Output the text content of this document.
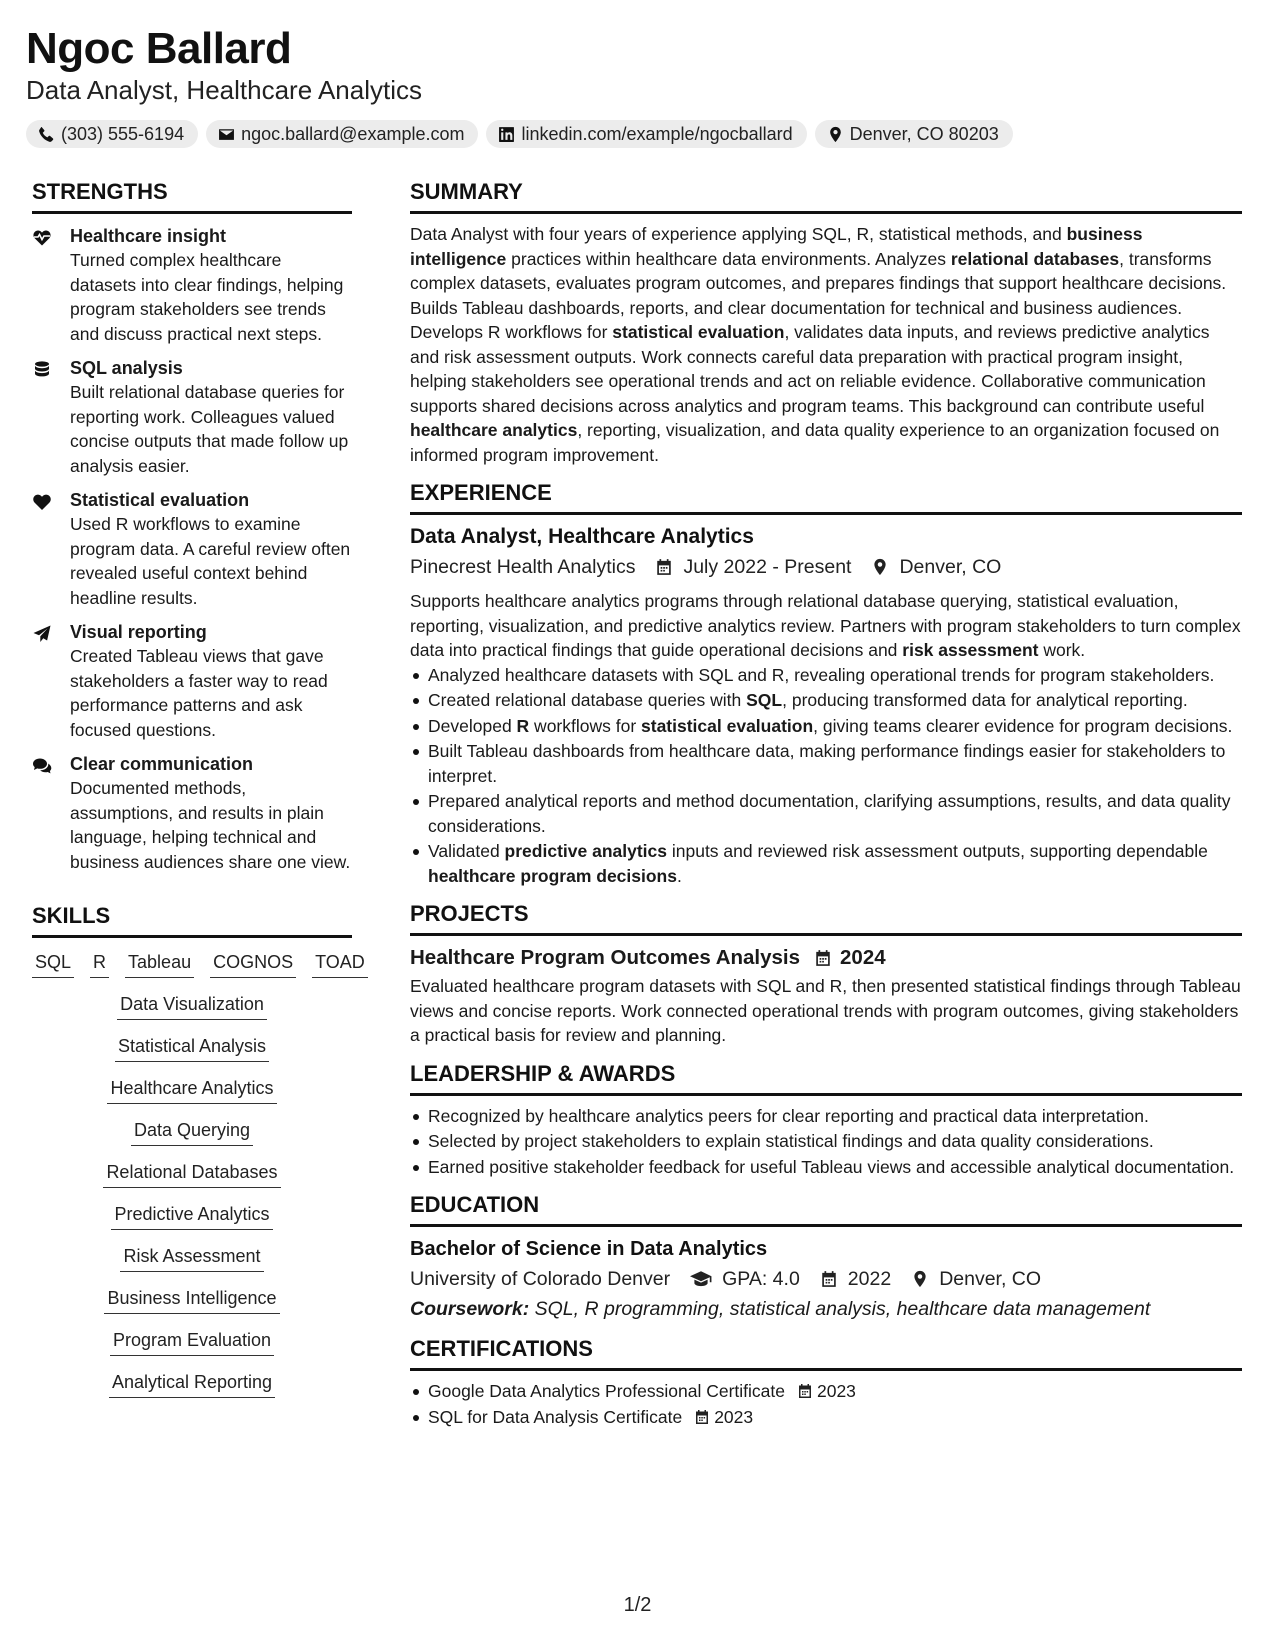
Ngoc Ballard
Data Analyst, Healthcare Analytics
(303) 555-6194	ngoc.ballard@example.com	linkedin.com/example/ngocballard	Denver, CO 80203
STRENGTHS
Healthcare insight
Turned complex healthcare datasets into clear findings, helping program stakeholders see trends and discuss practical next steps.
SQL analysis
Built relational database queries for reporting work. Colleagues valued concise outputs that made follow up analysis easier.
Statistical evaluation
Used R workflows to examine program data. A careful review often revealed useful context behind headline results.
Visual reporting
Created Tableau views that gave stakeholders a faster way to read performance patterns and ask focused questions.
Clear communication
Documented methods, assumptions, and results in plain language, helping technical and business audiences share one view.
SKILLS
SQL R Tableau COGNOS TOAD
Data Visualization
Statistical Analysis
Healthcare Analytics
Data Querying
Relational Databases
Predictive Analytics
Risk Assessment
Business Intelligence
Program Evaluation
Analytical Reporting
SUMMARY
Data Analyst with four years of experience applying SQL, R, statistical methods, and business intelligence practices within healthcare data environments. Analyzes relational databases, transforms complex datasets, evaluates program outcomes, and prepares findings that support healthcare decisions. Builds Tableau dashboards, reports, and clear documentation for technical and business audiences. Develops R workflows for statistical evaluation, validates data inputs, and reviews predictive analytics and risk assessment outputs. Work connects careful data preparation with practical program insight, helping stakeholders see operational trends and act on reliable evidence. Collaborative communication supports shared decisions across analytics and program teams. This background can contribute useful healthcare analytics, reporting, visualization, and data quality experience to an organization focused on informed program improvement.
EXPERIENCE
Data Analyst, Healthcare Analytics
Pinecrest Health Analytics July 2022 - Present Denver, CO
Supports healthcare analytics programs through relational database querying, statistical evaluation, reporting, visualization, and predictive analytics review. Partners with program stakeholders to turn complex data into practical findings that guide operational decisions and risk assessment work.
Analyzed healthcare datasets with SQL and R, revealing operational trends for program stakeholders.
Created relational database queries with SQL, producing transformed data for analytical reporting.
Developed R workflows for statistical evaluation, giving teams clearer evidence for program decisions.
Built Tableau dashboards from healthcare data, making performance findings easier for stakeholders to interpret.
Prepared analytical reports and method documentation, clarifying assumptions, results, and data quality considerations.
Validated predictive analytics inputs and reviewed risk assessment outputs, supporting dependable healthcare program decisions.
PROJECTS
Healthcare Program Outcomes Analysis 2024
Evaluated healthcare program datasets with SQL and R, then presented statistical findings through Tableau views and concise reports. Work connected operational trends with program outcomes, giving stakeholders a practical basis for review and planning.
LEADERSHIP & AWARDS
Recognized by healthcare analytics peers for clear reporting and practical data interpretation.
Selected by project stakeholders to explain statistical findings and data quality considerations.
Earned positive stakeholder feedback for useful Tableau views and accessible analytical documentation.
EDUCATION
Bachelor of Science in Data Analytics
University of Colorado Denver	GPA: 4.0 2022 Denver, CO
Coursework: SQL, R programming, statistical analysis, healthcare data management
CERTIFICATIONS
Google Data Analytics Professional Certificate 2023
SQL for Data Analysis Certificate 2023
1/2
